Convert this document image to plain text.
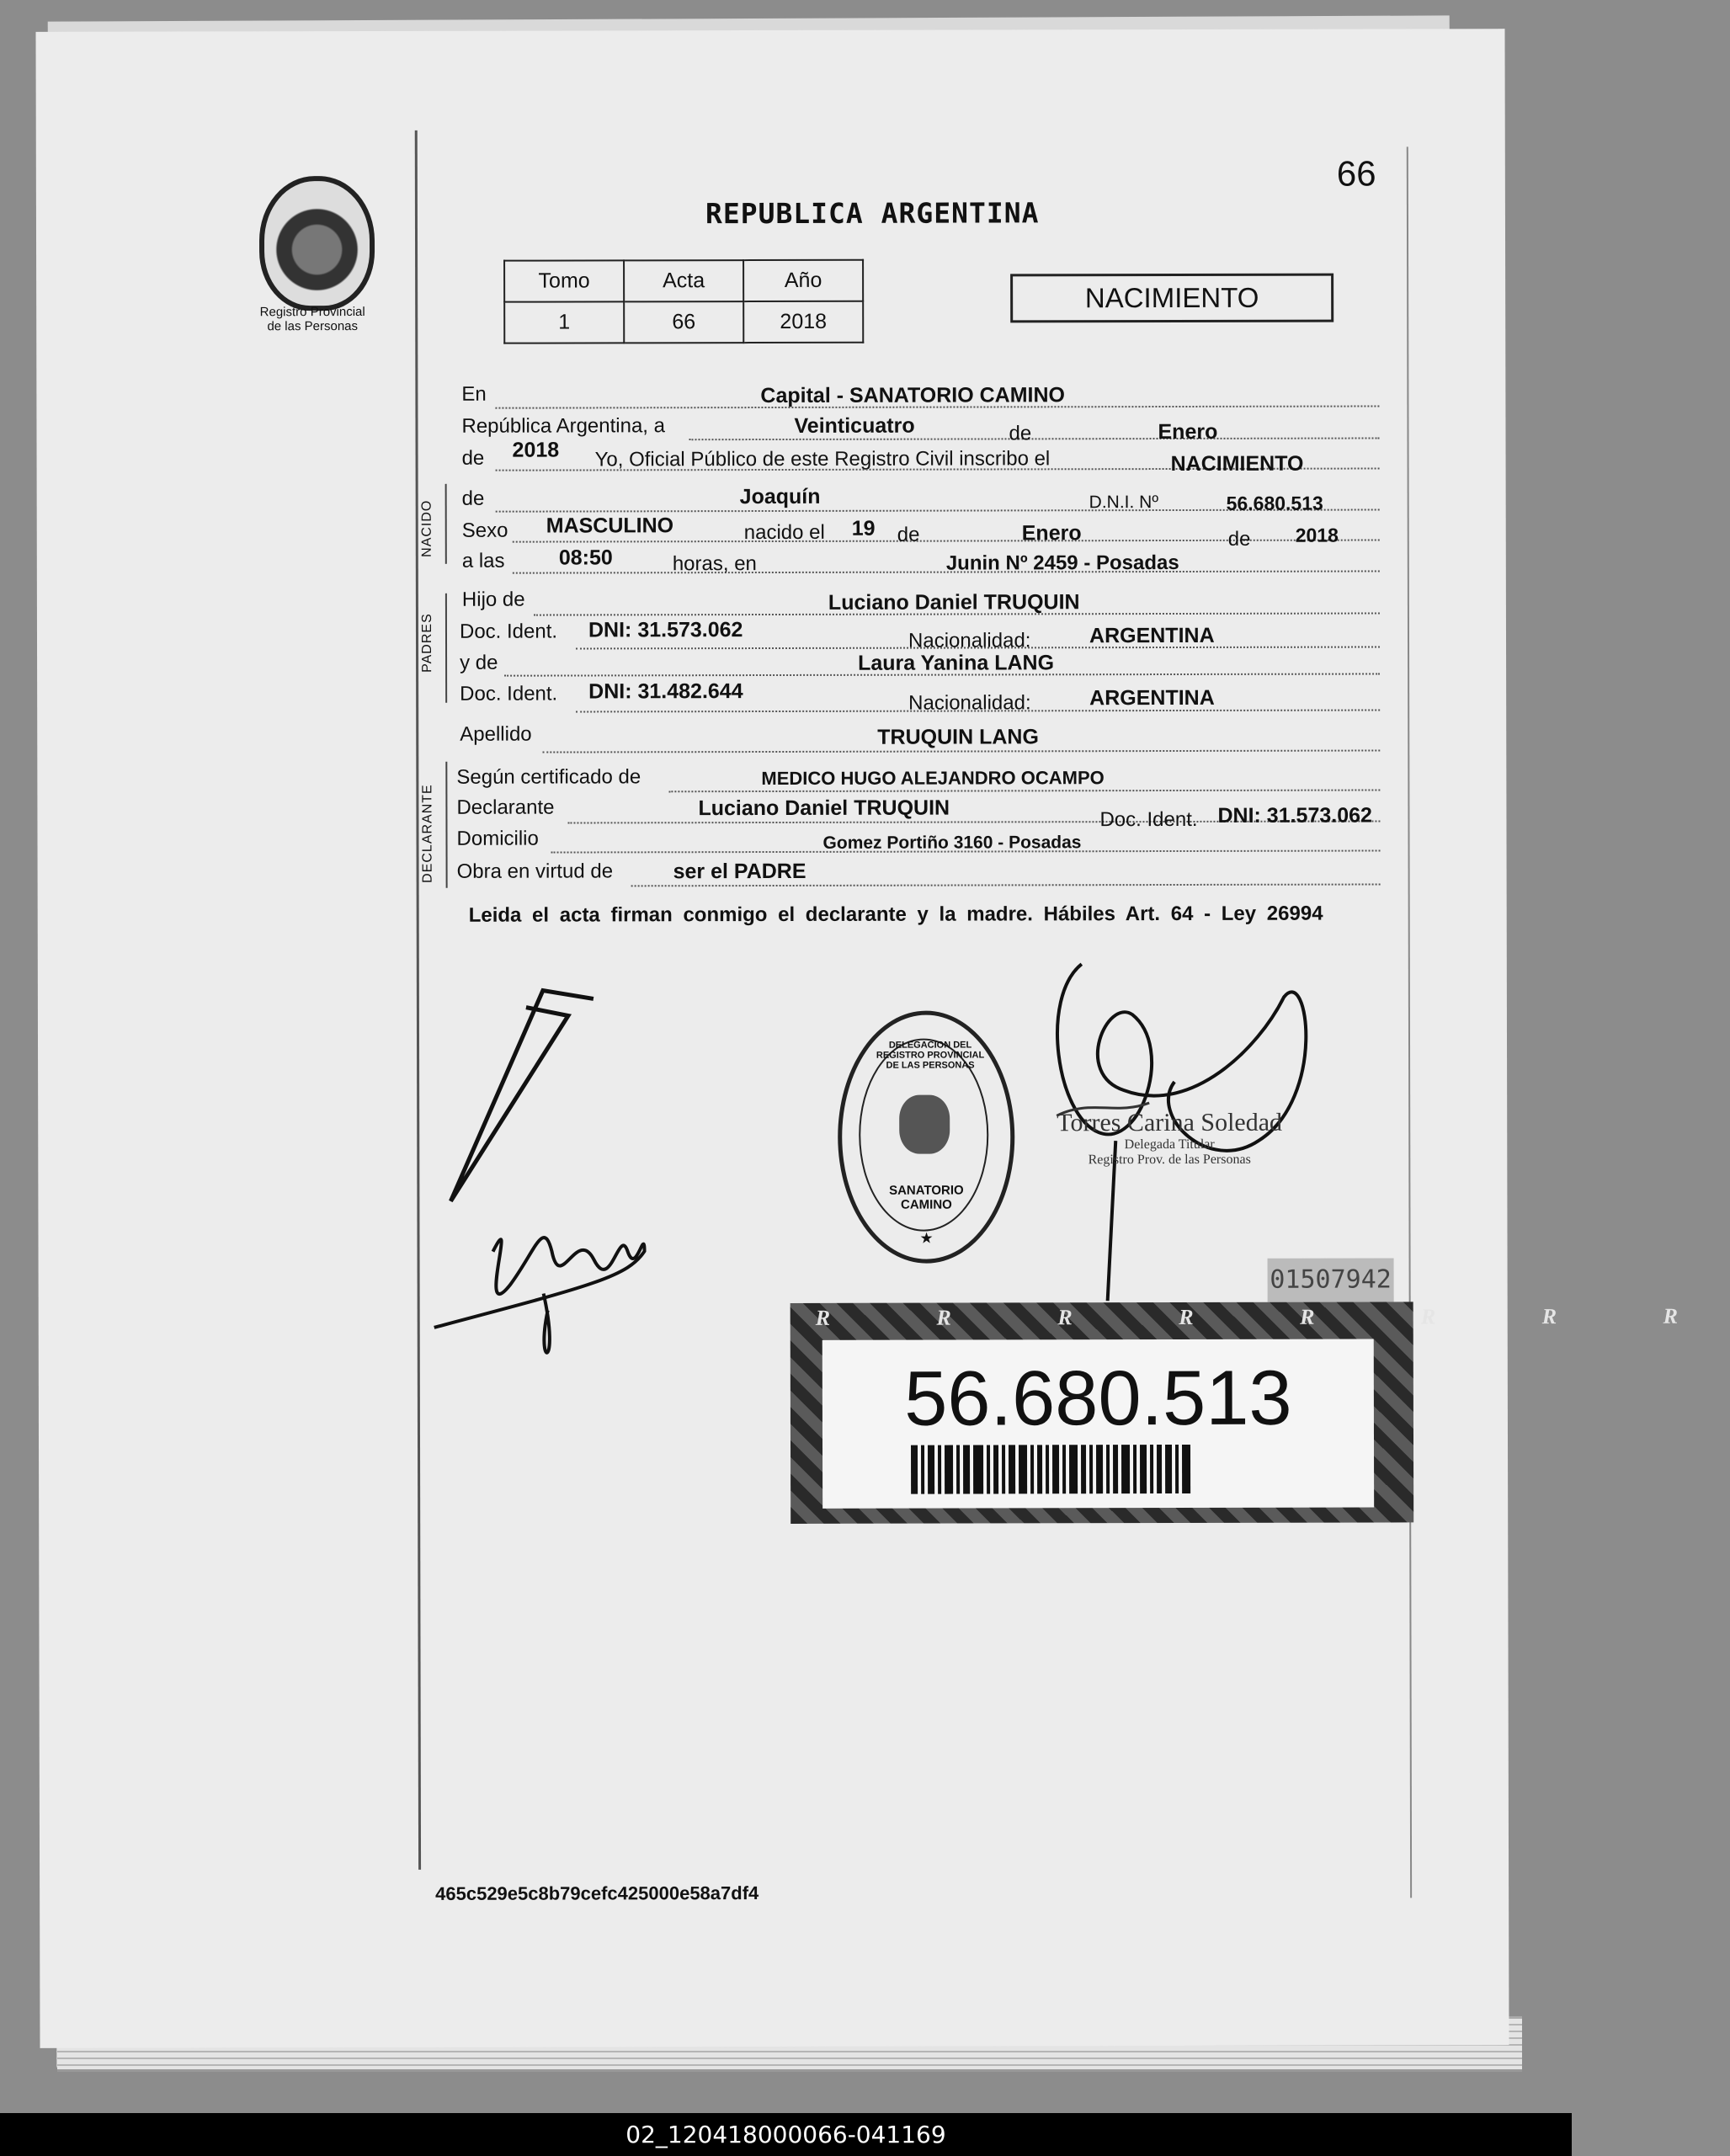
66
Registro Provincial
de las Personas
REPUBLICA ARGENTINA
Tomo	Acta	Año
1	66	2018
NACIMIENTO
NACIDO
PADRES
DECLARANTE
En	Capital - SANATORIO CAMINO
República Argentina, a	Veinticuatro	de	Enero
de 2018 Yo, Oficial Público de este Registro Civil inscribo el	NACIMIENTO
de	Joaquín	D.N.I. Nº	56.680.513
Sexo MASCULINO	nacido el 19 de	Enero	de 2018
a las	08:50	horas, en	Junin Nº 2459 - Posadas
Hijo de	Luciano Daniel TRUQUIN
Doc. Ident. DNI: 31.573.062	Nacionalidad:	ARGENTINA
y de	Laura Yanina LANG
Doc. Ident. DNI: 31.482.644	Nacionalidad:	ARGENTINA
Apellido	TRUQUIN LANG
Según certificado de	MEDICO HUGO ALEJANDRO OCAMPO
Declarante	Luciano Daniel TRUQUIN	Doc. Ident. DNI: 31.573.062
Domicilio	Gomez Portiño 3160 - Posadas
Obra en virtud de	ser el PADRE
Leida el acta firman conmigo el declarante y la madre. Hábiles Art. 64 - Ley 26994
DELEGACION DEL REGISTRO PROVINCIAL DE LAS PERSONAS
SANATORIO CAMINO
★
Torres Carina Soledad
Delegada Titular
Registro Prov. de las Personas
01507942
R R R R R R R R
56.680.513
465c529e5c8b79cefc425000e58a7df4
02_120418000066-041169
